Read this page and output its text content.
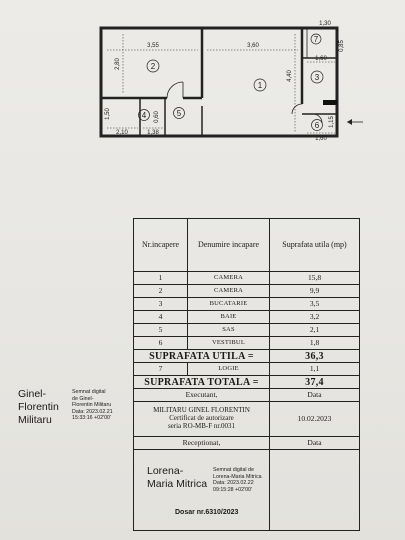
1
2
3
4	5
6
7
3,55	3,60
1,30
0,85
1,60
2,80
4,40
1,50
2,10	1,38
1,60
1,15
0,60
Nr.incapere	Denumire incapare	Suprafata utila (mp)
1	CAMERA	15,8
2	CAMERA	9,9
3	BUCATARIE	3,5
4	BAIE	3,2
5	SAS	2,1
6	VESTIBUL	1,8
SUPRAFATA UTILA =		36,3
7	LOGIE	1,1
SUPRAFATA TOTALA =		37,4
Executant,		Data

MILITARU GINEL FLORENTIN
Certificat de autorizare
seria RO-MB-F nr.0031		10.02.2023
Receptionat,		Data

Ginel-
Florentin
Militaru
Semnat digital
de Ginel-
Florentin Militaru
Data: 2023.02.21
15:33:16 +02'00'
Lorena-
Maria Mitrica
Semnat digital de
Lorena-Maria Mitrica
Data: 2023.02.22
09:15:28 +02'00'
Dosar nr.6310/2023
